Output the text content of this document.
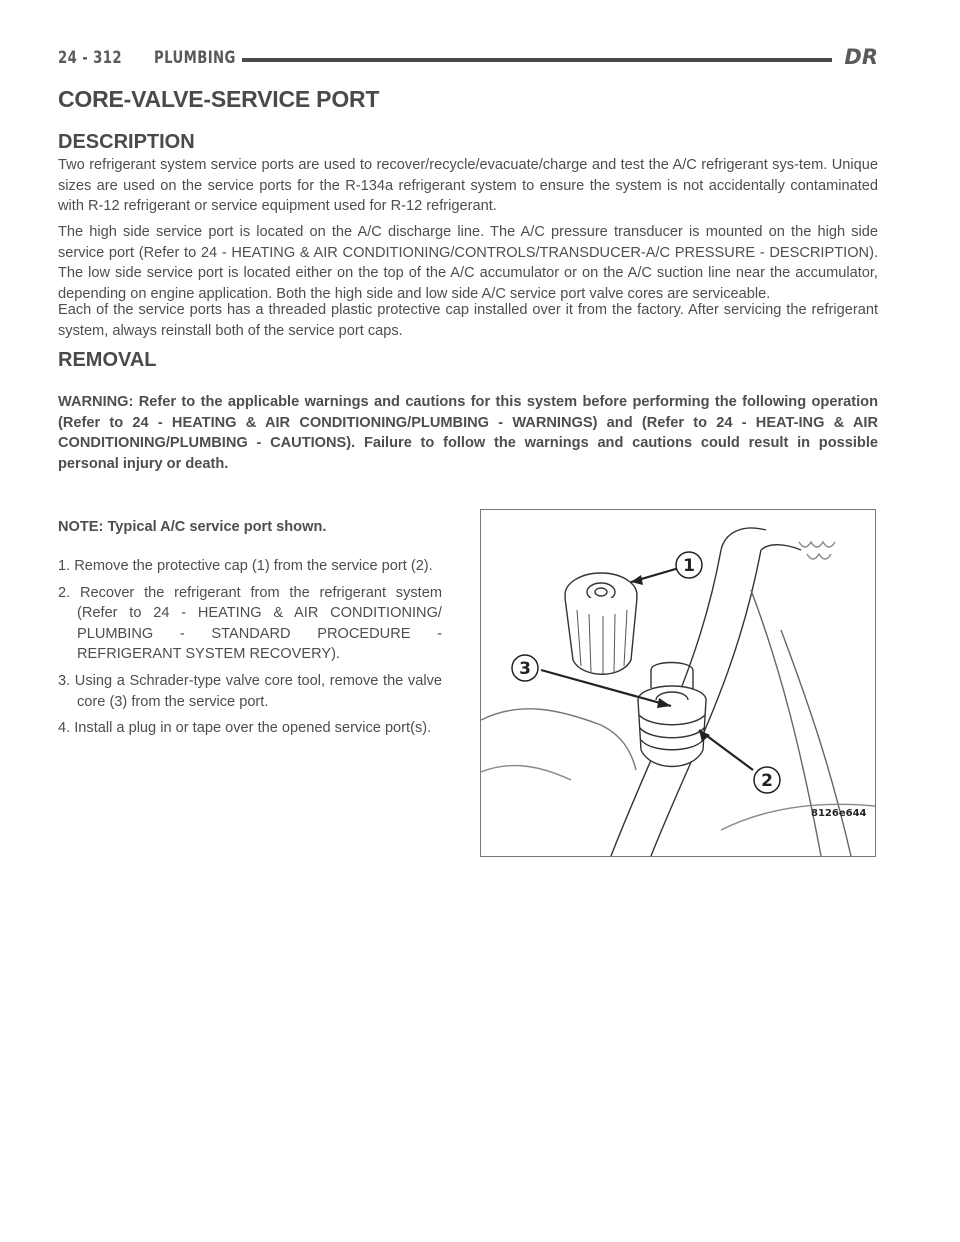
24 - 312 PLUMBING	DR
CORE-VALVE-SERVICE PORT
DESCRIPTION

Two refrigerant system service ports are used to recover/recycle/evacuate/charge and test the A/C refrigerant sys-tem. Unique sizes are used on the service ports for the R-134a refrigerant system to ensure the system is not accidentally contaminated with R-12 refrigerant or service equipment used for R-12 refrigerant.

The high side service port is located on the A/C discharge line. The A/C pressure transducer is mounted on the high side service port (Refer to 24 - HEATING & AIR CONDITIONING/CONTROLS/TRANSDUCER-A/C PRESSURE - DESCRIPTION). The low side service port is located either on the top of the A/C accumulator or on the A/C suction line near the accumulator, depending on engine application. Both the high side and low side A/C service port valve cores are serviceable.

Each of the service ports has a threaded plastic protective cap installed over it from the factory. After servicing the refrigerant system, always reinstall both of the service port caps.

REMOVAL

WARNING: Refer to the applicable warnings and cautions for this system before performing the following operation (Refer to 24 - HEATING & AIR CONDITIONING/PLUMBING - WARNINGS) and (Refer to 24 - HEAT-ING & AIR CONDITIONING/PLUMBING - CAUTIONS). Failure to follow the warnings and cautions could result in possible personal injury or death.

NOTE: Typical A/C service port shown.
1. Remove the protective cap (1) from the service port (2).
2. Recover the refrigerant from the refrigerant system (Refer to 24 - HEATING & AIR CONDITIONING/ PLUMBING - STANDARD PROCEDURE - REFRIGERANT SYSTEM RECOVERY).
3. Using a Schrader-type valve core tool, remove the valve core (3) from the service port.
4. Install a plug in or tape over the opened service port(s).
1
3
2
8126e644
